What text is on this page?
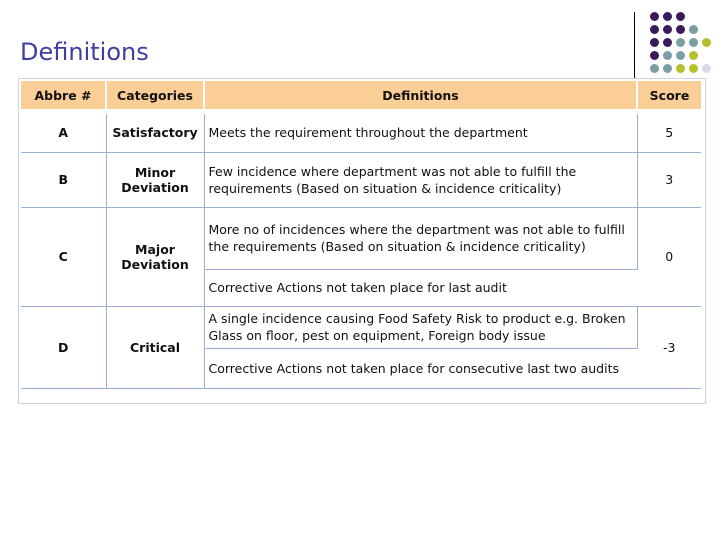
Definitions
Abbre #	Categories	Definitions	Score

A	Satisfactory	Meets the requirement throughout the department	5
B	Minor Deviation	Few incidence where department was not able to fulfill the requirements (Based on situation & incidence criticality)	3
C	Major Deviation	More no of incidences where the department was not able to fulfill the requirements (Based on situation & incidence criticality)	0
		Corrective Actions not taken place for last audit	
D	Critical	A single incidence causing Food Safety Risk to product e.g. Broken Glass on floor, pest on equipment, Foreign body issue	-3
		Corrective Actions not taken place for consecutive last two audits	
